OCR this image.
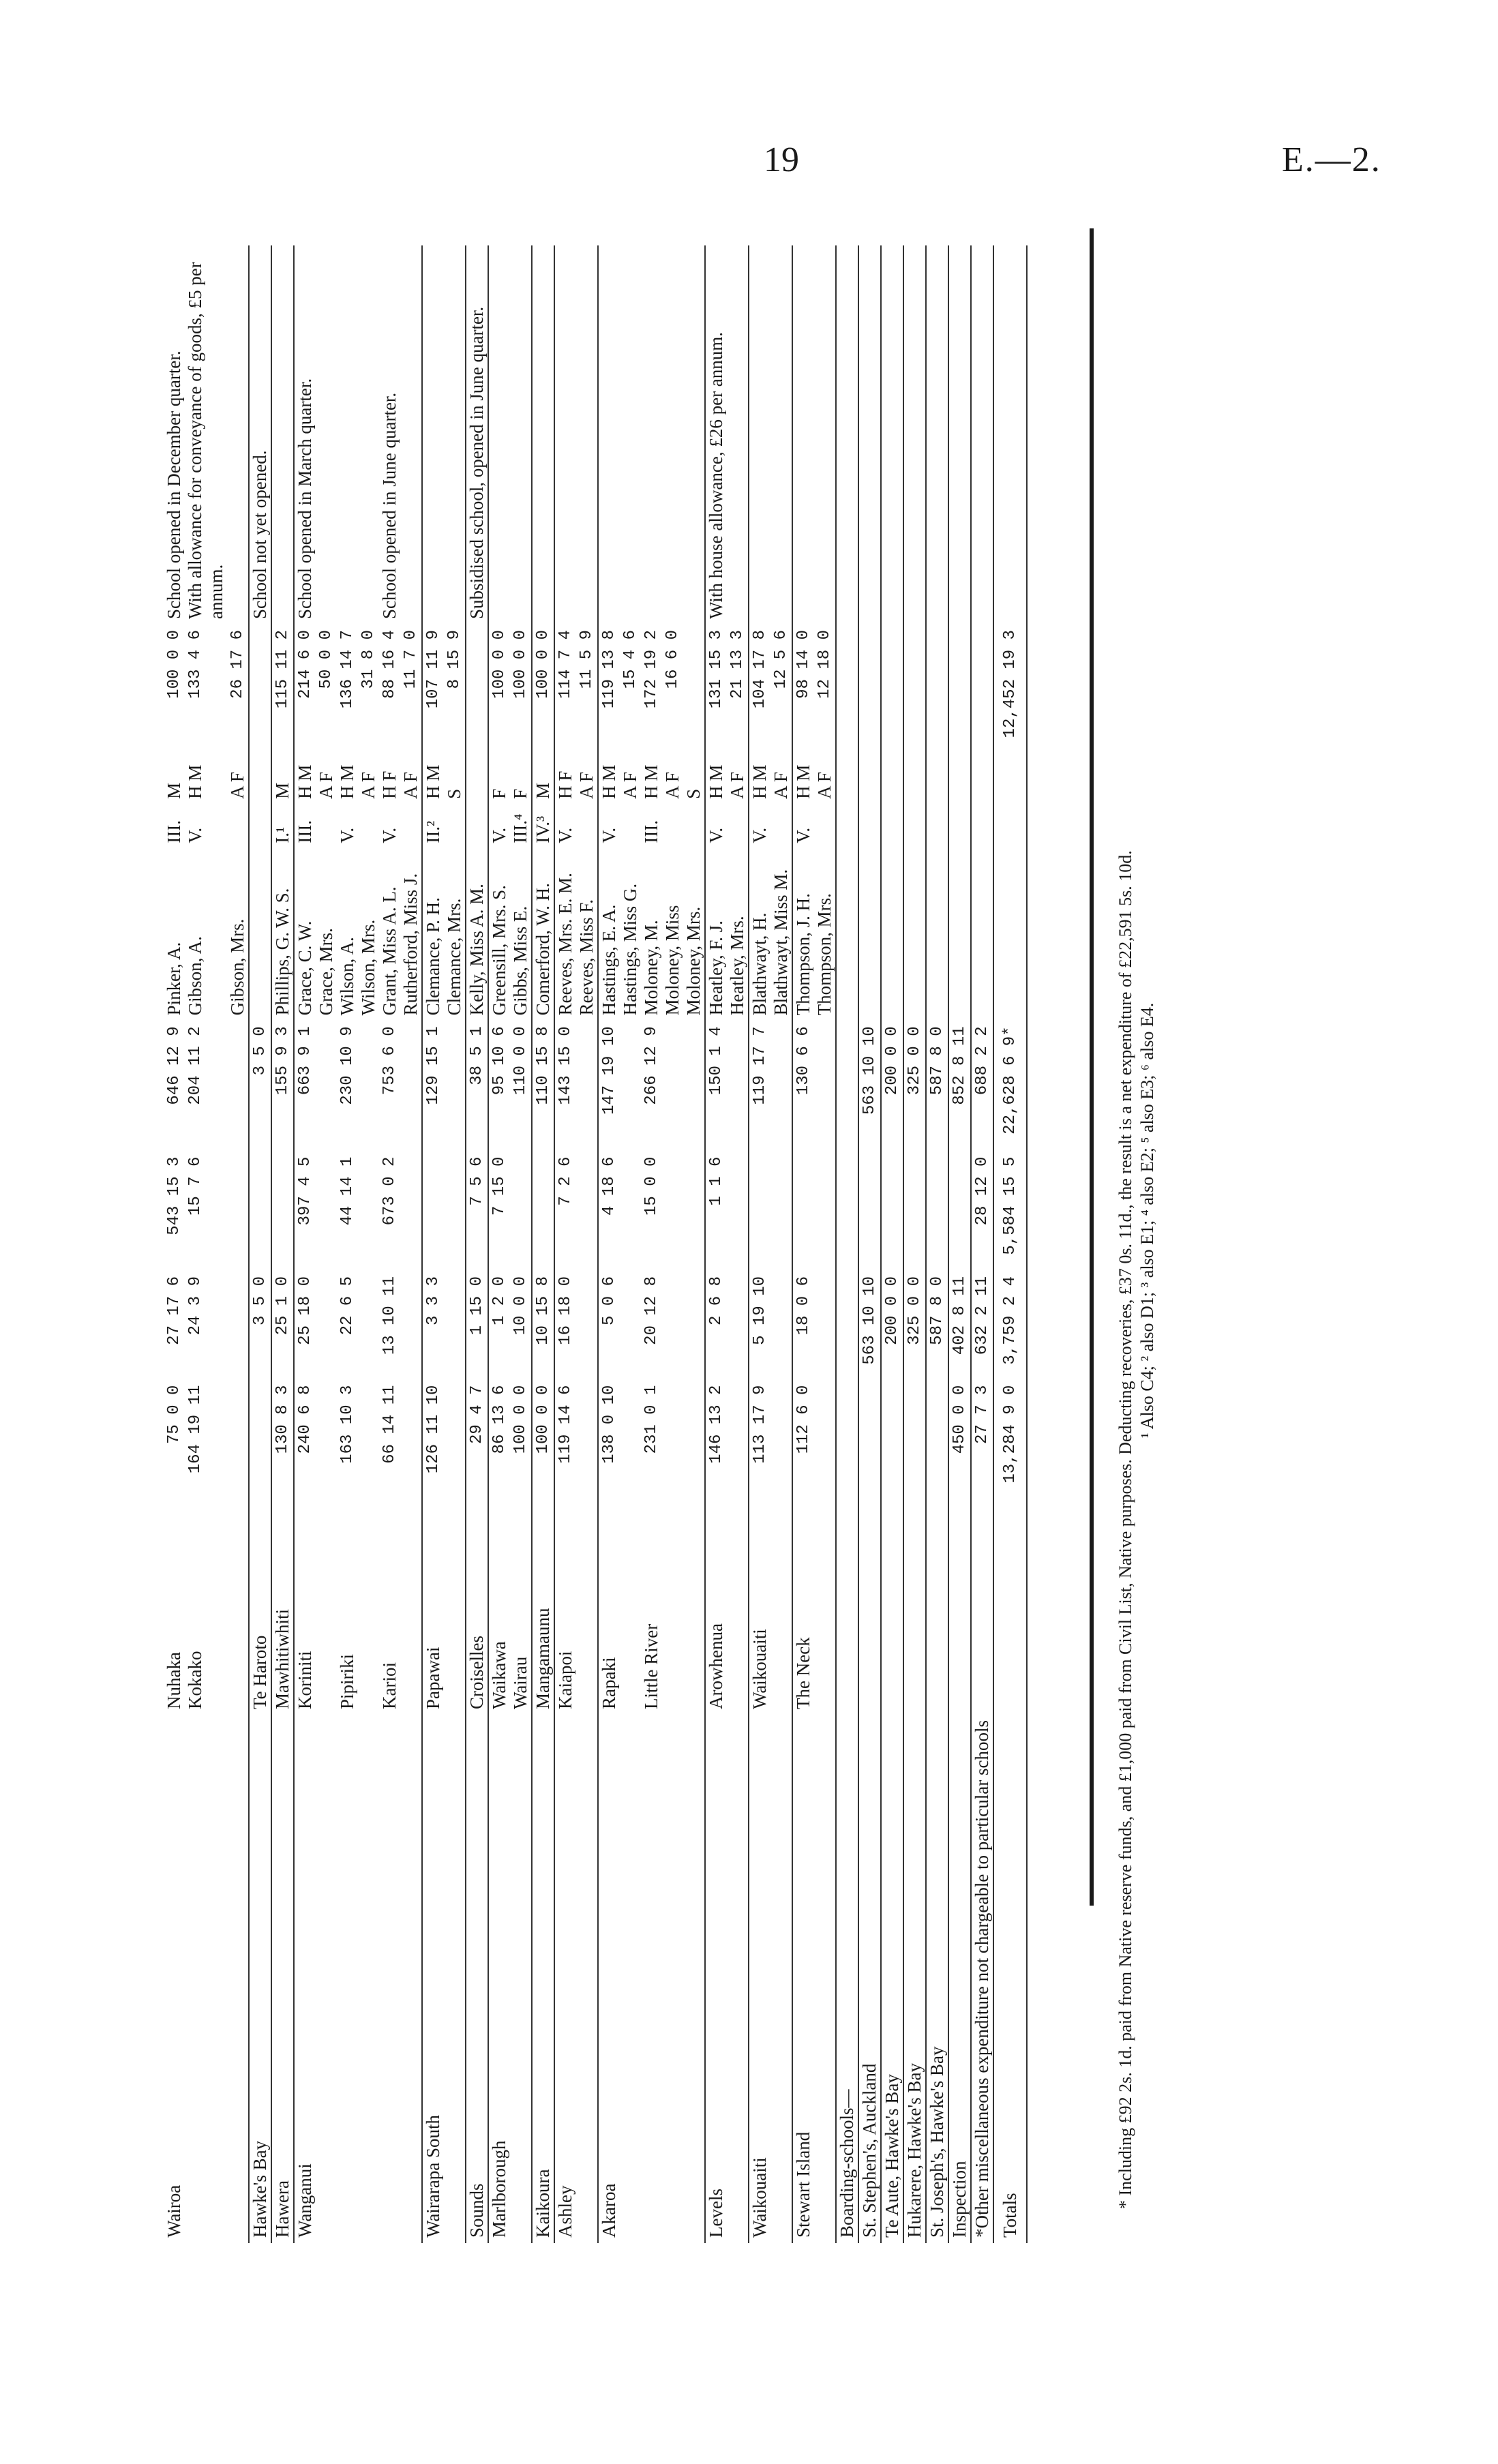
19	E.—2.
Wairoa	Nuhaka	75 0 0	27 17 6	543 15 3	646 12 9	Pinker, A.	III.	M	100 0 0	School opened in December quarter.
	Kokako	164 19 11	24 3 9	15 7 6	204 11 2	Gibson, A.	V.	H M	133 4 6	With allowance for conveyance of goods, £5 per annum.
						Gibson, Mrs.		A F	26 17 6	
Hawke's Bay	Te Haroto		3 5 0		3 5 0					School not yet opened.
Hawera	Mawhitiwhiti	130 8 3	25 1 0		155 9 3	Phillips, G. W. S.	I.¹	M	115 11 2	
Wanganui	Koriniti	240 6 8	25 18 0	397 4 5	663 9 1	Grace, C. W.	III.	H M	214 6 0	School opened in March quarter.
						Grace, Mrs.		A F	50 0 0	
	Pipiriki	163 10 3	22 6 5	44 14 1	230 10 9	Wilson, A.	V.	H M	136 14 7	
						Wilson, Mrs.		A F	31 8 0	
	Karioi	66 14 11	13 10 11	673 0 2	753 6 0	Grant, Miss A. L.	V.	H F	88 16 4	School opened in June quarter.
						Rutherford, Miss J.		A F	11 7 0	
Wairarapa South	Papawai	126 11 10	3 3 3		129 15 1	Clemance, P. H.	II.²	H M	107 11 9	
						Clemance, Mrs.		S	8 15 9	
Sounds	Croiselles	29 4 7	1 15 0	7 5 6	38 5 1	Kelly, Miss A. M.				Subsidised school, opened in June quarter.
Marlborough	Waikawa	86 13 6	1 2 0	7 15 0	95 10 6	Greensill, Mrs. S.	V.	F	100 0 0	
	Wairau	100 0 0	10 0 0		110 0 0	Gibbs, Miss E.	III.⁴	F	100 0 0	
Kaikoura	Mangamaunu	100 0 0	10 15 8		110 15 8	Comerford, W. H.	IV.³	M	100 0 0	
Ashley	Kaiapoi	119 14 6	16 18 0	7 2 6	143 15 0	Reeves, Mrs. E. M.	V.	H F	114 7 4	
						Reeves, Miss F.		A F	11 5 9	
Akaroa	Rapaki	138 0 10	5 0 6	4 18 6	147 19 10	Hastings, E. A.	V.	H M	119 13 8	
						Hastings, Miss G.		A F	15 4 6	
	Little River	231 0 1	20 12 8	15 0 0	266 12 9	Moloney, M.	III.	H M	172 19 2	
						Moloney, Miss		A F	16 6 0	
						Moloney, Mrs.		S		
Levels	Arowhenua	146 13 2	2 6 8	1 1 6	150 1 4	Heatley, F. J.	V.	H M	131 15 3	With house allowance, £26 per annum.
						Heatley, Mrs.		A F	21 13 3	
Waikouaiti	Waikouaiti	113 17 9	5 19 10		119 17 7	Blathwayt, H.	V.	H M	104 17 8	
						Blathwayt, Miss M.		A F	12 5 6	
Stewart Island	The Neck	112 6 0	18 0 6		130 6 6	Thompson, J. H.	V.	H M	98 14 0	
						Thompson, Mrs.		A F	12 18 0	
Boarding-schools—										
St. Stephen's, Auckland			563 10 10		563 10 10					
Te Aute, Hawke's Bay			200 0 0		200 0 0					
Hukarere, Hawke's Bay			325 0 0		325 0 0					
St. Joseph's, Hawke's Bay			587 8 0		587 8 0					
Inspection		450 0 0	402 8 11		852 8 11					
*Other miscellaneous expenditure not chargeable to particular schools		27 7 3	632 2 11	28 12 0	688 2 2					
Totals		13,284 9 0	3,759 2 4	5,584 15 5	22,628 6 9*				12,452 19 3	
* Including £92 2s. 1d. paid from Native reserve funds, and £1,000 paid from Civil List, Native purposes. Deducting recoveries, £37 0s. 11d., the result is a net expenditure of £22,591 5s. 10d. ¹ Also C4; ² also D1; ³ also E1; ⁴ also E2; ⁵ also E3; ⁶ also E4.
